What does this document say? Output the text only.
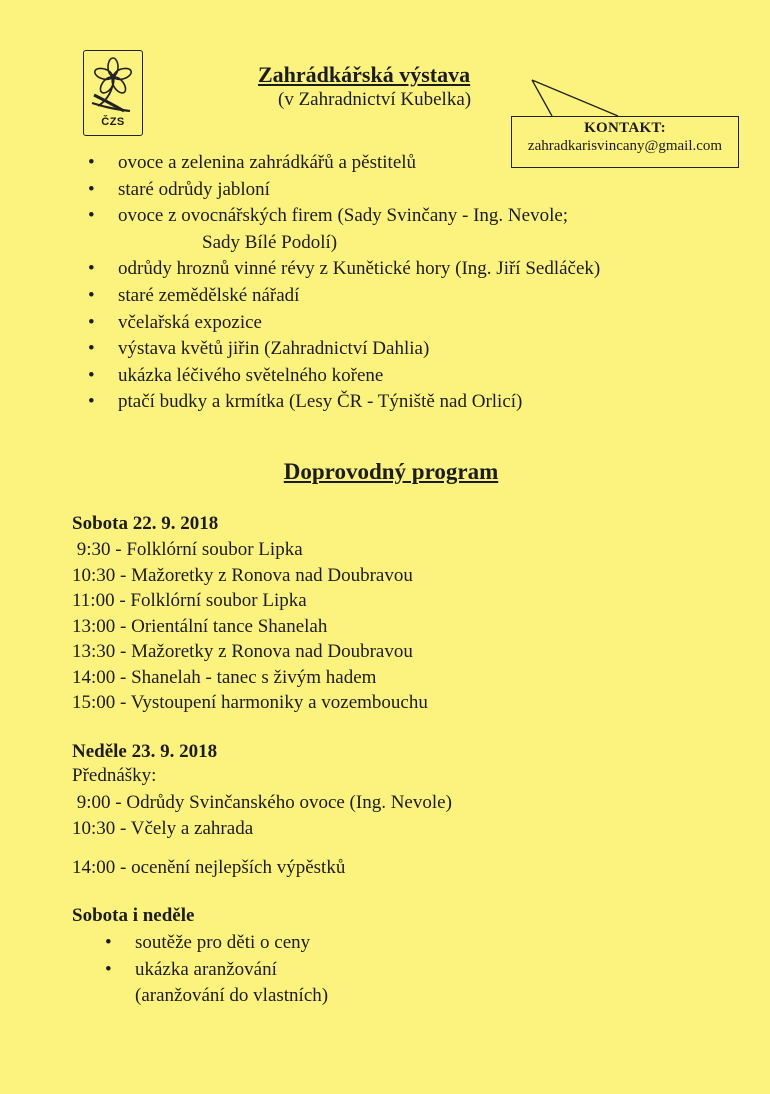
ČZS
Zahrádkářská výstava
(v Zahradnictví Kubelka)
KONTAKT:
zahradkarisvincany@gmail.com
• ovoce a zelenina zahrádkářů a pěstitelů
• staré odrůdy jabloní
• ovoce z ovocnářských firem (Sady Svinčany - Ing. Nevole;
Sady Bílé Podolí)
• odrůdy hroznů vinné révy z Kunětické hory (Ing. Jiří Sedláček)
• staré zemědělské nářadí
• včelařská expozice
• výstava květů jiřin (Zahradnictví Dahlia)
• ukázka léčivého světelného kořene
• ptačí budky a krmítka (Lesy ČR - Týniště nad Orlicí)
Doprovodný program
Sobota 22. 9. 2018
9:30 - Folklórní soubor Lipka
10:30 - Mažoretky z Ronova nad Doubravou
11:00 - Folklórní soubor Lipka
13:00 - Orientální tance Shanelah
13:30 - Mažoretky z Ronova nad Doubravou
14:00 - Shanelah - tanec s živým hadem
15:00 - Vystoupení harmoniky a vozembouchu
Neděle 23. 9. 2018
Přednášky:
9:00 - Odrůdy Svinčanského ovoce (Ing. Nevole)
10:30 - Včely a zahrada
14:00 - ocenění nejlepších výpěstků
Sobota i neděle
• soutěže pro děti o ceny
• ukázka aranžování
(aranžování do vlastních)
